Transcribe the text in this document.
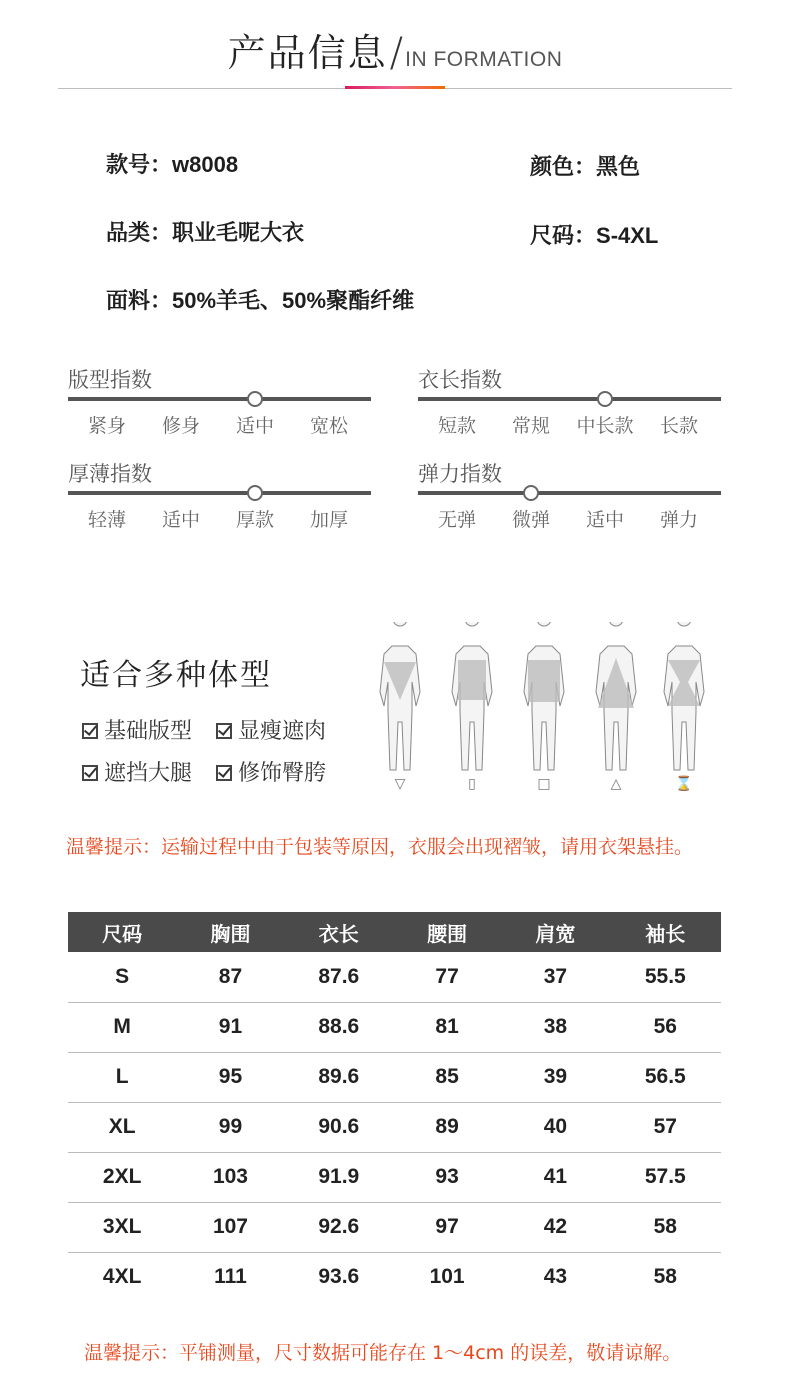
产品信息/IN FORMATION
款号：w8008	颜色：黑色
品类：职业毛呢大衣	尺码：S-4XL
面料：50%羊毛、50%聚酯纤维
版型指数
紧身	修身	适中	宽松
衣长指数
短款	常规	中长款	长款
厚薄指数
轻薄	适中	厚款	加厚
弹力指数
无弹	微弹	适中	弹力
适合多种体型
基础版型	显瘦遮肉
遮挡大腿	修饰臀胯	▽	▯	□	△	⌛
温馨提示：运输过程中由于包装等原因，衣服会出现褶皱，请用衣架悬挂。
尺码	胸围	衣长	腰围	肩宽	袖长
S	87	87.6	77	37	55.5
M	91	88.6	81	38	56
L	95	89.6	85	39	56.5
XL	99	90.6	89	40	57
2XL	103	91.9	93	41	57.5
3XL	107	92.6	97	42	58
4XL	111	93.6	101	43	58
温馨提示：平铺测量，尺寸数据可能存在 1～4cm 的误差，敬请谅解。
